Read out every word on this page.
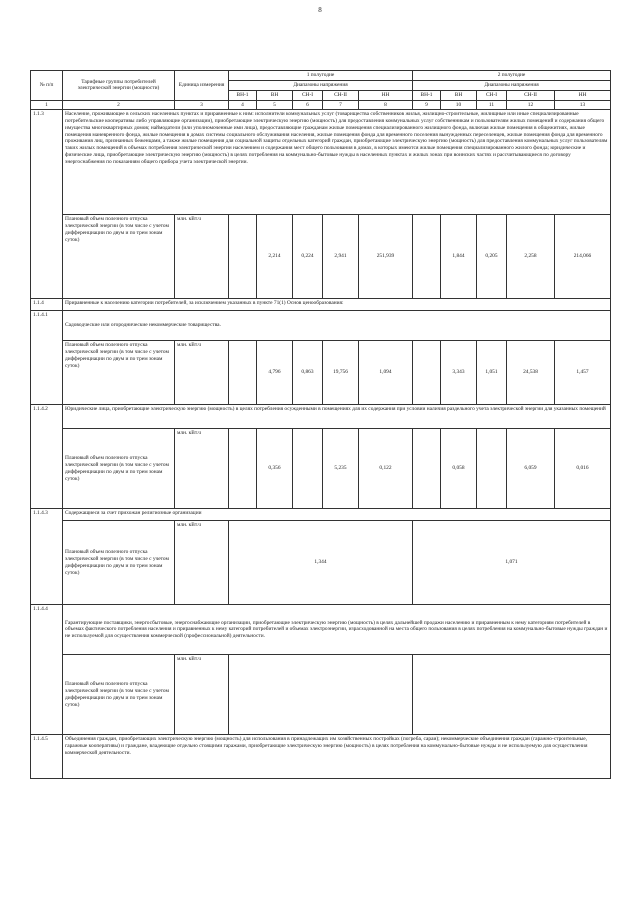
8
№ п/п	Тарифные группы потребителей электрической энергии (мощности)	Единица измерения	1 полугодие					2 полугодие				
			Диапазоны напряжения					Диапазоны напряжения				
			ВН-1	ВН	СН-I	СН-II	НН	ВН-1	ВН	СН-I	СН-II	НН
1	2	3	4	5	6	7	8	9	10	11	12	13
1.1.3	Население, проживающее в сельских населенных пунктах и приравненные к ним: исполнители коммунальных услуг (товарищества собственников жилья, жилищно-строительные, жилищные или иные специализированные потребительские кооперативы либо управляющие организации), приобретающие электрическую энергию (мощность) для предоставления коммунальных услуг собственникам и пользователям жилых помещений и содержания общего имущества многоквартирных домов; наймодатели (или уполномоченные ими лица), предоставляющие гражданам жилые помещения специализированного жилищного фонда, включая жилые помещения в общежитиях, жилые помещения маневренного фонда, жилые помещения в домах системы социального обслуживания населения, жилые помещения фонда для временного поселения вынужденных переселенцев, жилые помещения фонда для временного проживания лиц, признанных беженцами, а также жилые помещения для социальной защиты отдельных категорий граждан, приобретающие электрическую энергию (мощность) для предоставления коммунальных услуг пользователям таких жилых помещений в объемах потребления электрической энергии населением и содержания мест общего пользования в домах, в которых имеются жилые помещения специализированного жилого фонда; юридические и физические лица, приобретающие электрическую энергию (мощность) в целях потребления на коммунально-бытовые нужды в населенных пунктах и жилых зонах при воинских частях и рассчитывающиеся по договору энергоснабжения по показаниям общего прибора учета электрической энергии.											
	Плановый объем полезного отпуска электрической энергии (в том числе с учетом дифференциации по двум и по трем зонам суток)	млн. кВт.ч		2,214	0,224	2,941	251,939		1,844	0,205	2,258	214,066
1.1.4	Приравненные к населению категории потребителей, за исключением указанных в пункте 71(1) Основ ценообразования:											
1.1.4.1	Садоводческие или огороднические некоммерческие товарищества.											
	Плановый объем полезного отпуска электрической энергии (в том числе с учетом дифференциации по двум и по трем зонам суток)	млн. кВт.ч		4,796	0,863	19,756	1,094		3,343	1,051	24,538	1,457
1.1.4.2	Юридические лица, приобретающие электрическую энергию (мощность) в целях потребления осужденными в помещениях для их содержания при условии наличия раздельного учета электрической энергии для указанных помещений											
	Плановый объем полезного отпуска электрической энергии (в том числе с учетом дифференциации по двум и по трем зонам суток)	млн. кВт.ч		0,356		5,235	0,122		0,058		6,059	0,016
1.1.4.3	Содержащиеся за счет прихожан религиозные организации											
	Плановый объем полезного отпуска электрической энергии (в том числе с учетом дифференциации по двум и по трем зонам суток)	млн. кВт.ч	1,344					1,071				
1.1.4.4	Гарантирующие поставщики, энергосбытовые, энергоснабжающие организации, приобретающие электрическую энергию (мощность) в целях дальнейшей продажи населению и приравненным к нему категориям потребителей в объемах фактического потребления населения и приравненных к нему категорий потребителей и объемах электроэнергии, израсходованной на места общего пользования в целях потребления на коммунально-бытовые нужды граждан и не используемой для осуществления коммерческой (профессиональной) деятельности.											
	Плановый объем полезного отпуска электрической энергии (в том числе с учетом дифференциации по двум и по трем зонам суток)	млн. кВт.ч										
1.1.4.5	Объединения граждан, приобретающих электрическую энергию (мощность) для использования в принадлежащих им хозяйственных постройках (погреба, сараи); некоммерческие объединения граждан (гаражно-строительные, гаражные кооперативы) и граждане, владеющие отдельно стоящими гаражами, приобретающие электрическую энергию (мощность) в целях потребления на коммунально-бытовые нужды и не используемую для осуществления коммерческой деятельности.											
